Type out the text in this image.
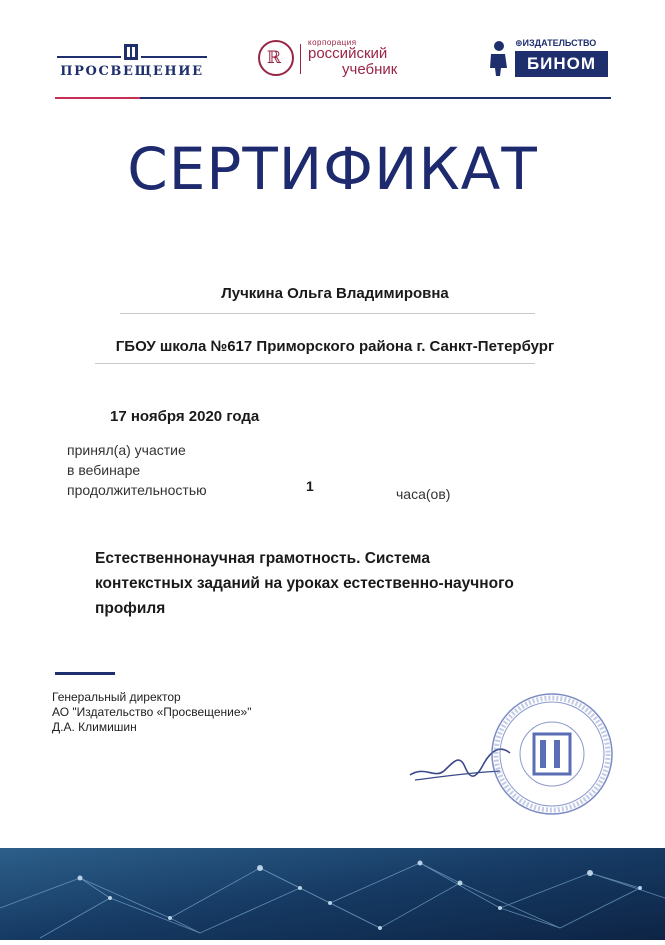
ПРОСВЕЩЕНИЕ
ℝ
корпорация
российский
учебник
⊕ИЗДАТЕЛЬСТВО
БИНОМ
СЕРТИФИКАТ
Лучкина Ольга Владимировна
ГБОУ школа №617 Приморского района г. Санкт-Петербург
17 ноября 2020 года
принял(а) участие
в вебинаре
продолжительностью	1	часа(ов)
Естественнонаучная грамотность. Система контекстных заданий на уроках естественно-научного профиля
Генеральный директор
АО "Издательство «Просвещение»"
Д.А. Климишин
